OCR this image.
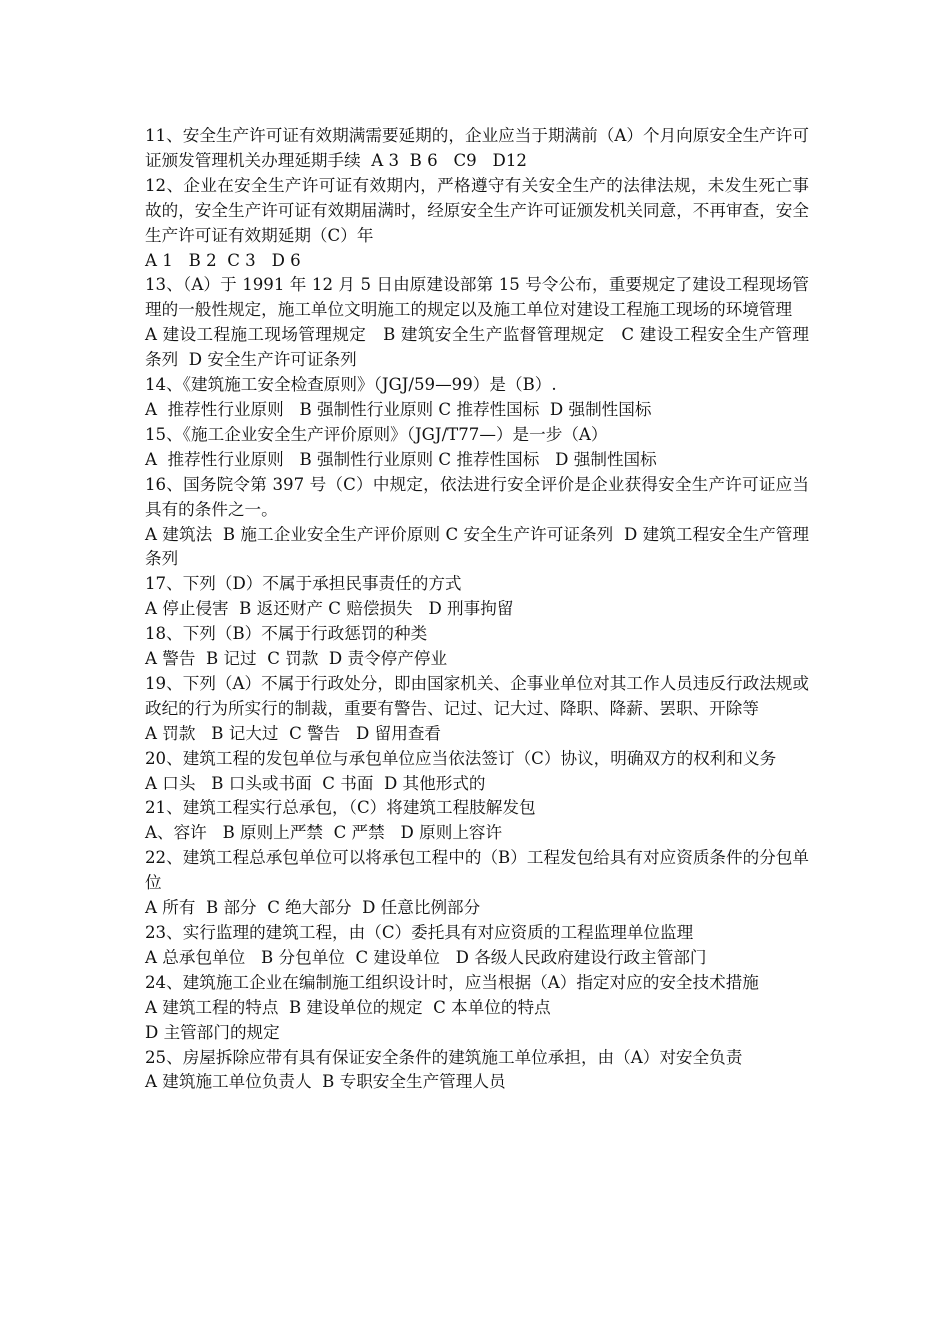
11、安全生产许可证有效期满需要延期的，企业应当于期满前（A）个月向原安全生产许可证颁发管理机关办理延期手续  A 3  B 6   C9   D12

12、企业在安全生产许可证有效期内，严格遵守有关安全生产的法律法规，未发生死亡事故的，安全生产许可证有效期届满时，经原安全生产许可证颁发机关同意，不再审查，安全生产许可证有效期延期（C）年

A 1   B 2  C 3   D 6

13、（A）于 1991 年 12 月 5 日由原建设部第 15 号令公布，重要规定了建设工程现场管理的一般性规定，施工单位文明施工的规定以及施工单位对建设工程施工现场的环境管理

A 建设工程施工现场管理规定   B 建筑安全生产监督管理规定   C 建设工程安全生产管理条列  D 安全生产许可证条列

14、《建筑施工安全检查原则》（JGJ/59—99）是（B）.

A  推荐性行业原则   B 强制性行业原则 C 推荐性国标  D 强制性国标

15、《施工企业安全生产评价原则》（JGJ/T77—）是一步（A）

A  推荐性行业原则   B 强制性行业原则 C 推荐性国标   D 强制性国标

16、国务院令第 397 号（C）中规定，依法进行安全评价是企业获得安全生产许可证应当具有的条件之一。

A 建筑法  B 施工企业安全生产评价原则 C 安全生产许可证条列  D 建筑工程安全生产管理条列

17、下列（D）不属于承担民事责任的方式

A 停止侵害  B 返还财产 C 赔偿损失   D 刑事拘留

18、下列（B）不属于行政惩罚的种类

A 警告  B 记过  C 罚款  D 责令停产停业

19、下列（A）不属于行政处分，即由国家机关、企事业单位对其工作人员违反行政法规或政纪的行为所实行的制裁，重要有警告、记过、记大过、降职、降薪、罢职、开除等

A 罚款   B 记大过  C 警告   D 留用查看

20、建筑工程的发包单位与承包单位应当依法签订（C）协议，明确双方的权利和义务

A 口头   B 口头或书面  C 书面  D 其他形式的

21、建筑工程实行总承包，（C）将建筑工程肢解发包

A、容许   B 原则上严禁  C 严禁   D 原则上容许

22、建筑工程总承包单位可以将承包工程中的（B）工程发包给具有对应资质条件的分包单位

A 所有  B 部分  C 绝大部分  D 任意比例部分

23、实行监理的建筑工程，由（C）委托具有对应资质的工程监理单位监理

A 总承包单位   B 分包单位  C 建设单位   D 各级人民政府建设行政主管部门

24、建筑施工企业在编制施工组织设计时，应当根据（A）指定对应的安全技术措施

A 建筑工程的特点  B 建设单位的规定  C 本单位的特点

D 主管部门的规定

25、房屋拆除应带有具有保证安全条件的建筑施工单位承担，由（A）对安全负责

A 建筑施工单位负责人  B 专职安全生产管理人员
